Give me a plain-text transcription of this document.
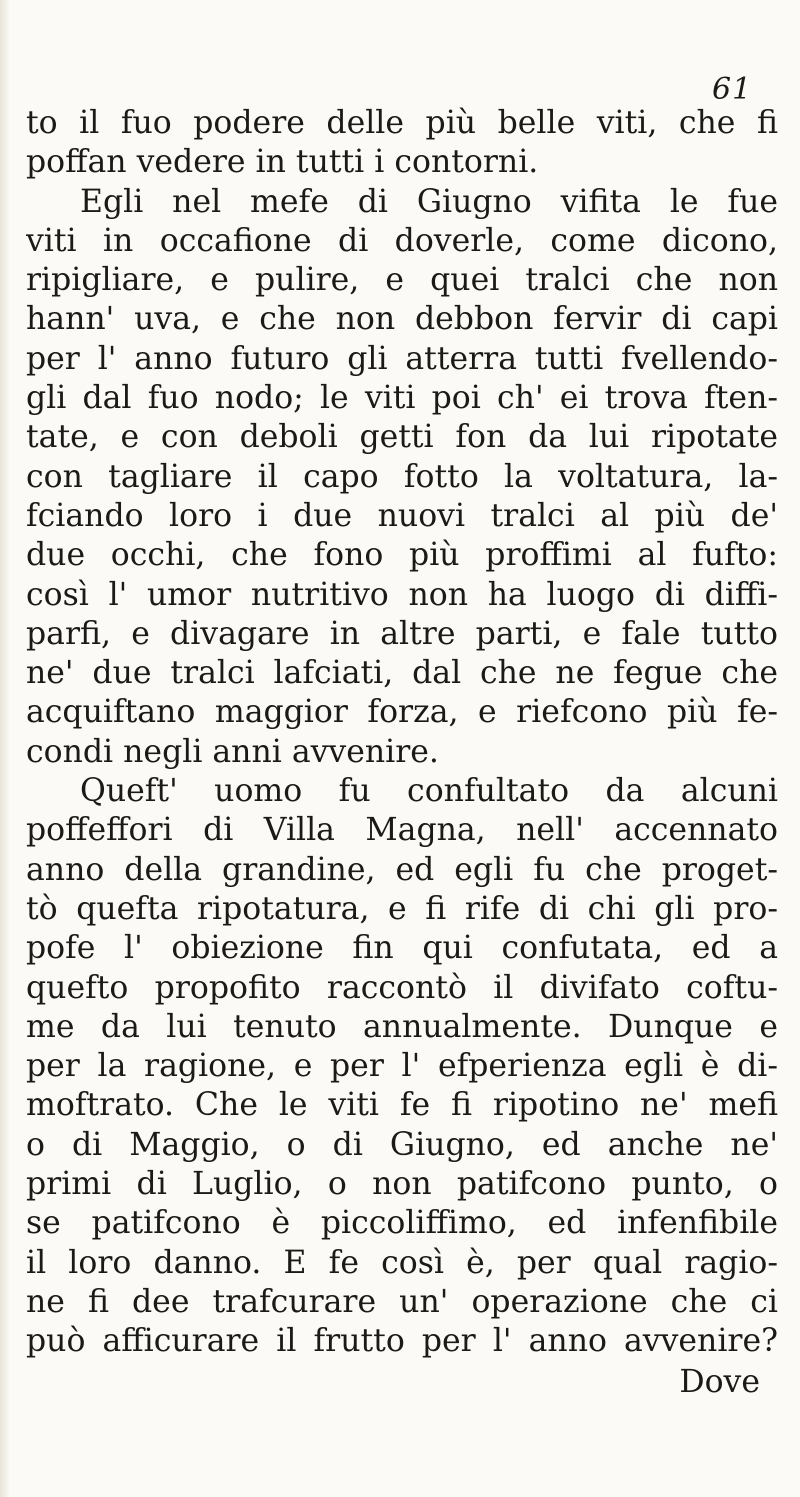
61
to il fuo podere delle più belle viti, che fi
poffan vedere in tutti i contorni.
Egli nel mefe di Giugno vifita le fue
viti in occafione di doverle, come dicono,
ripigliare, e pulire, e quei tralci che non
hann' uva, e che non debbon fervir di capi
per l' anno futuro gli atterra tutti fvellendo-
gli dal fuo nodo; le viti poi ch' ei trova ften-
tate, e con deboli getti fon da lui ripotate
con tagliare il capo fotto la voltatura, la-
fciando loro i due nuovi tralci al più de'
due occhi, che fono più proffimi al fufto:
così l' umor nutritivo non ha luogo di diffi-
parfi, e divagare in altre parti, e fale tutto
ne' due tralci lafciati, dal che ne fegue che
acquiftano maggior forza, e riefcono più fe-
condi negli anni avvenire.
Queft' uomo fu confultato da alcuni
poffeffori di Villa Magna, nell' accennato
anno della grandine, ed egli fu che proget-
tò quefta ripotatura, e fi rife di chi gli pro-
pofe l' obiezione fin qui confutata, ed a
quefto propofito raccontò il divifato coftu-
me da lui tenuto annualmente. Dunque e
per la ragione, e per l' efperienza egli è di-
moftrato. Che le viti fe fi ripotino ne' mefi
o di Maggio, o di Giugno, ed anche ne'
primi di Luglio, o non patifcono punto, o
se patifcono è piccoliffimo, ed infenfibile
il loro danno. E fe così è, per qual ragio-
ne fi dee trafcurare un' operazione che ci
può afficurare il frutto per l' anno avvenire?
Dove
